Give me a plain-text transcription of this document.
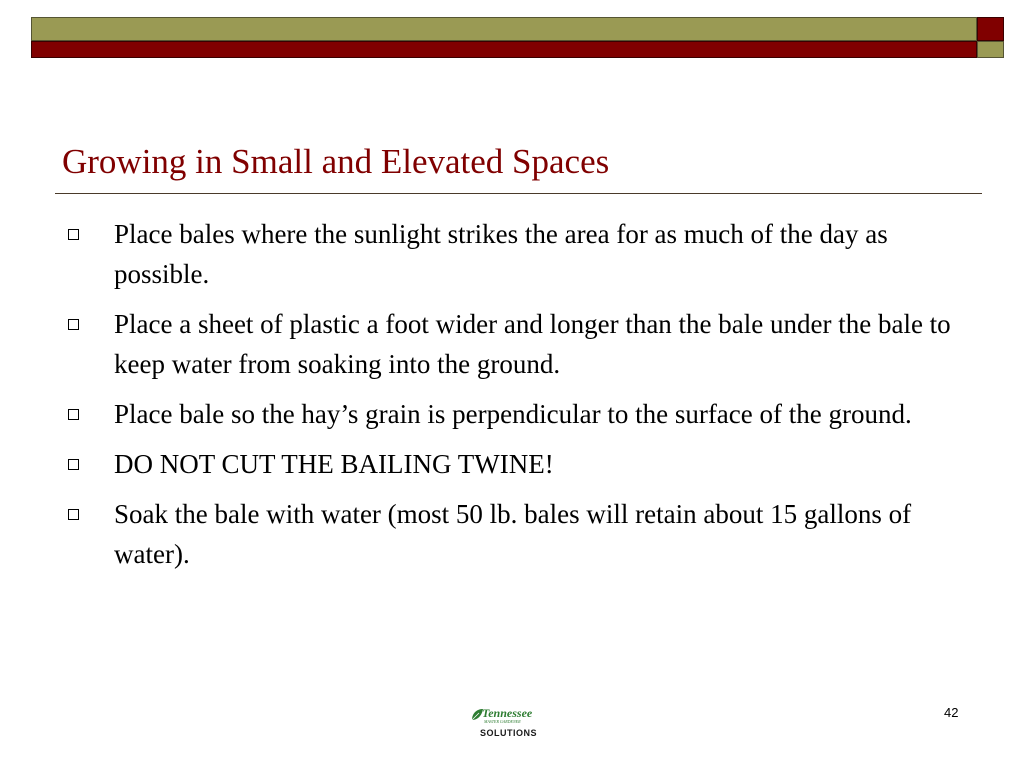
Growing in Small and Elevated Spaces
Place bales where the sunlight strikes the area for as much of the day as possible.
Place a sheet of plastic a foot wider and longer than the bale under the bale to keep water from soaking into the ground.
Place bale so the hay’s grain is perpendicular to the surface of the ground.
DO NOT CUT THE BAILING TWINE!
Soak the bale with water (most 50 lb. bales will retain about 15 gallons of water).
Tennessee
MASTER GARDENER
SOLUTIONS
42
